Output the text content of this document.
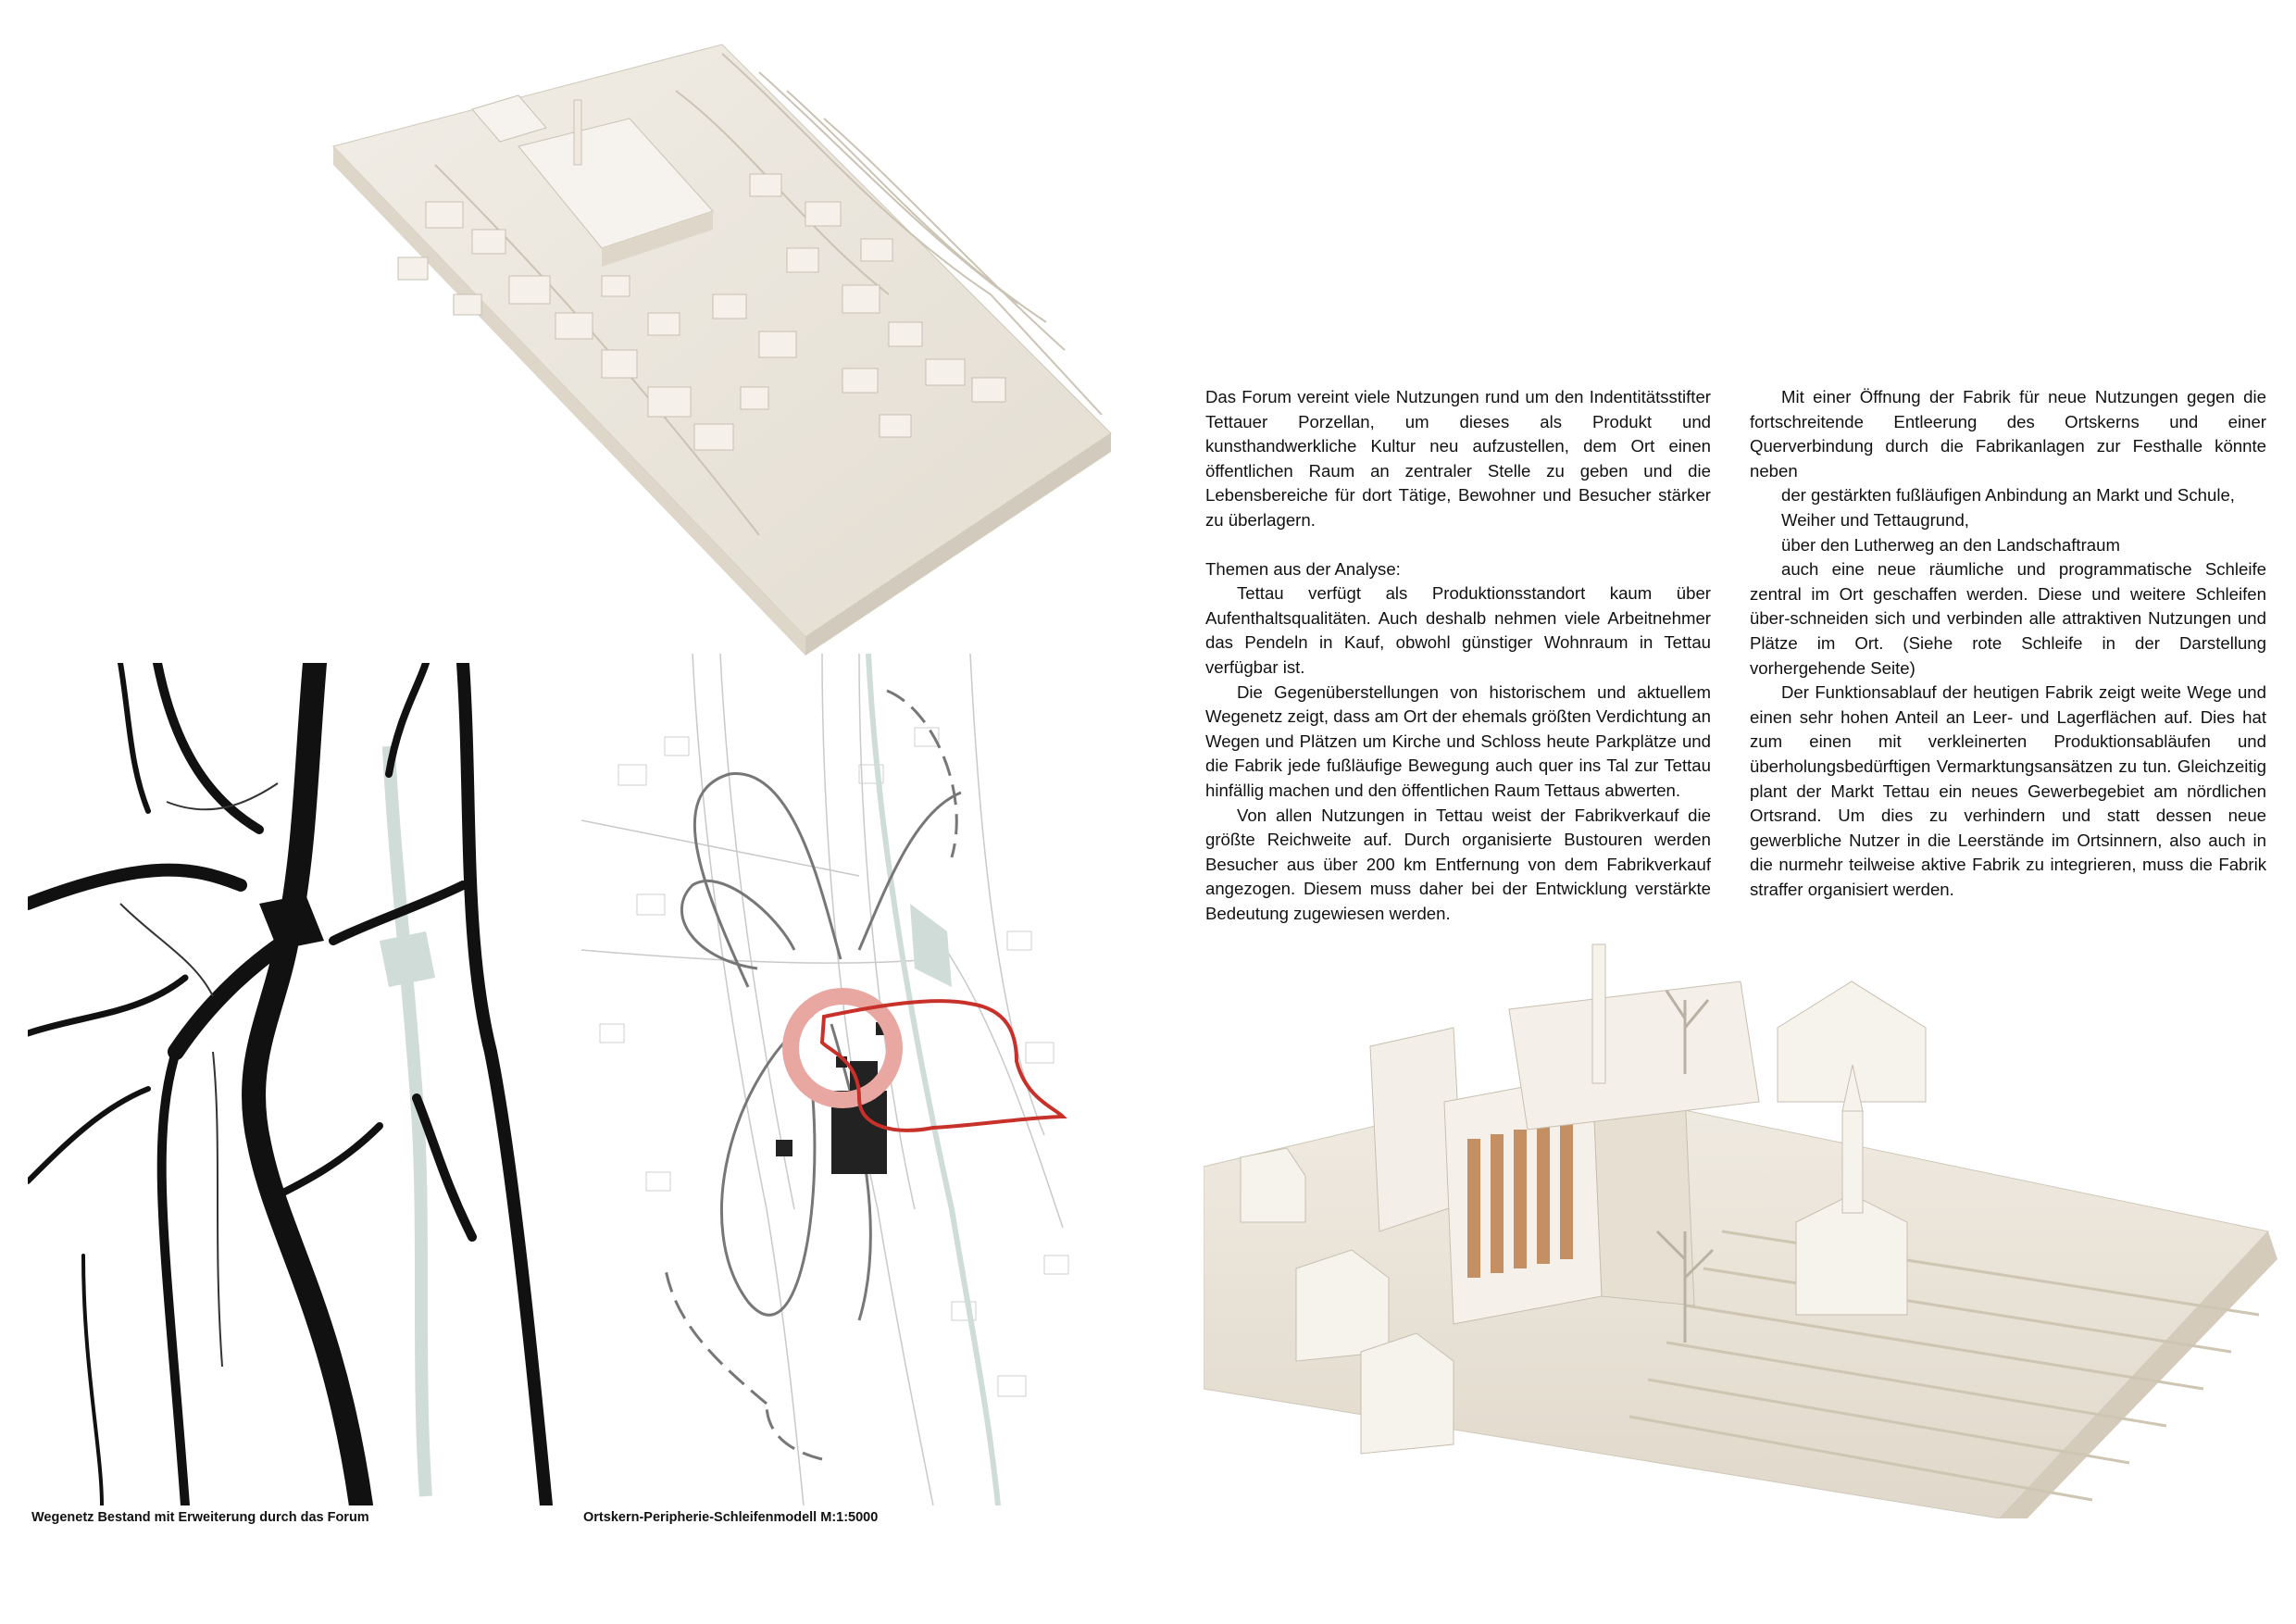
Das Forum vereint viele Nutzungen rund um den Indentitätsstifter Tettauer Porzellan, um dieses als Produkt und kunsthandwerkliche Kultur neu aufzustellen, dem Ort einen öffentlichen Raum an zentraler Stelle zu geben und die Lebensbereiche für dort Tätige, Bewohner und Besucher stärker zu überlagern.

Themen aus der Analyse:

Tettau verfügt als Produktionsstandort kaum über Aufenthaltsqualitäten. Auch deshalb nehmen viele Arbeitnehmer das Pendeln in Kauf, obwohl günstiger Wohnraum in Tettau verfügbar ist.

Die Gegenüberstellungen von historischem und aktuellem Wegenetz zeigt, dass am Ort der ehemals größten Verdichtung an Wegen und Plätzen um Kirche und Schloss heute Parkplätze und die Fabrik jede fußläufige Bewegung auch quer ins Tal zur Tettau hinfällig machen und den öffentlichen Raum Tettaus abwerten.

Von allen Nutzungen in Tettau weist der Fabrikverkauf die größte Reichweite auf. Durch organisierte Bustouren werden Besucher aus über 200 km Entfernung von dem Fabrikverkauf angezogen. Diesem muss daher bei der Entwicklung verstärkte Bedeutung zugewiesen werden.

Mit einer Öffnung der Fabrik für neue Nutzungen gegen die fortschreitende Entleerung des Ortskerns und einer Querverbindung durch die Fabrikanlagen zur Festhalle könnte neben

der gestärkten fußläufigen Anbindung an Markt und Schule,

Weiher und Tettaugrund,

über den Lutherweg an den Landschaftraum

auch eine neue räumliche und programmatische Schleife zentral im Ort geschaffen werden. Diese und weitere Schleifen über-schneiden sich und verbinden alle attraktiven Nutzungen und Plätze im Ort. (Siehe rote Schleife in der Darstellung vorhergehende Seite)

Der Funktionsablauf der heutigen Fabrik zeigt weite Wege und einen sehr hohen Anteil an Leer- und Lagerflächen auf. Dies hat zum einen mit verkleinerten Produktionsabläufen und überholungsbedürftigen Vermarktungsansätzen zu tun. Gleichzeitig plant der Markt Tettau ein neues Gewerbegebiet am nördlichen Ortsrand. Um dies zu verhindern und statt dessen neue gewerbliche Nutzer in die Leerstände im Ortsinnern, also auch in die nurmehr teilweise aktive Fabrik zu integrieren, muss die Fabrik straffer organisiert werden.

Wegenetz Bestand mit Erweiterung durch das Forum	Ortskern-Peripherie-Schleifenmodell M:1:5000
